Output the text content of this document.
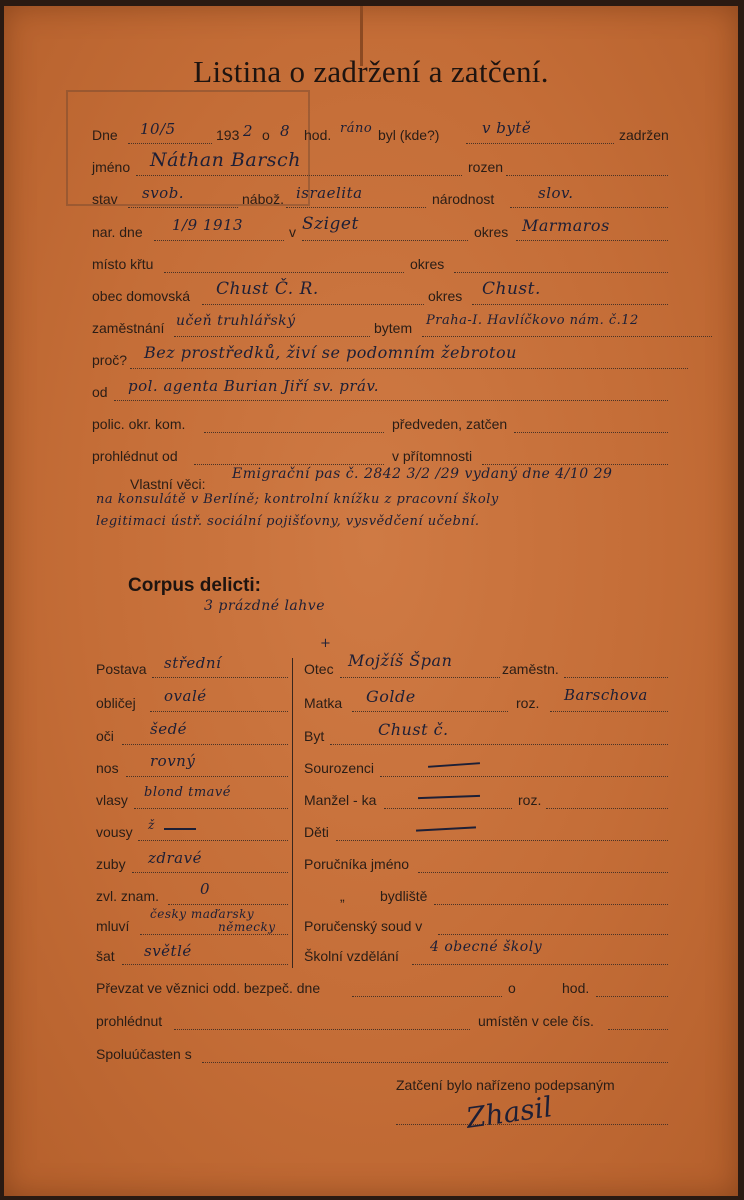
Listina o zadržení a zatčení.
Dne 10/5	193 2 o 8 hod. ráno byl (kde?)	v bytě	zadržen
jméno Náthan Barsch	rozen
stav svob.	nábož. israelita	národnost	slov.
nar. dne 1/9 1913	v Sziget	okres Marmaros
místo křtu	okres
obec domovská Chust Č. R.	okres Chust.
zaměstnání učeň truhlářský	bytem Praha-I. Havlíčkovo nám. č.12
proč? Bez prostředků, živí se podomním žebrotou
od pol. agenta Burian Jiří sv. práv.
polic. okr. kom.	předveden, zatčen
prohlédnut od	v přítomnosti
Vlastní věci:
Emigrační pas č. 2842 3/2 /29 vydaný dne 4/10 29
na konsulátě v Berlíně; kontrolní knížku z pracovní školy
legitimaci ústř. sociální pojišťovny, vysvědčení učební.
Corpus delicti:
3 prázdné lahve
Postava střední
obličej ovalé
oči šedé
nos rovný
vlasy blond tmavé
vousy ž
zuby zdravé
zvl. znam.	0
mluví
česky maďarsky
německy
šat světlé
+
Otec Mojžíš Špan	zaměstn.
Matka Golde	roz. Barschova
Byt	Chust č.
Sourozenci
Manžel - ka	roz.
Děti
Poručníka jméno
„	bydliště
Poručenský soud v
Školní vzdělání
4 obecné školy
Převzat ve věznici odd. bezpeč. dne	o	hod.
prohlédnut	umístěn v cele čís.
Spoluúčasten s
Zatčení bylo nařízeno podepsaným
Zhasil
